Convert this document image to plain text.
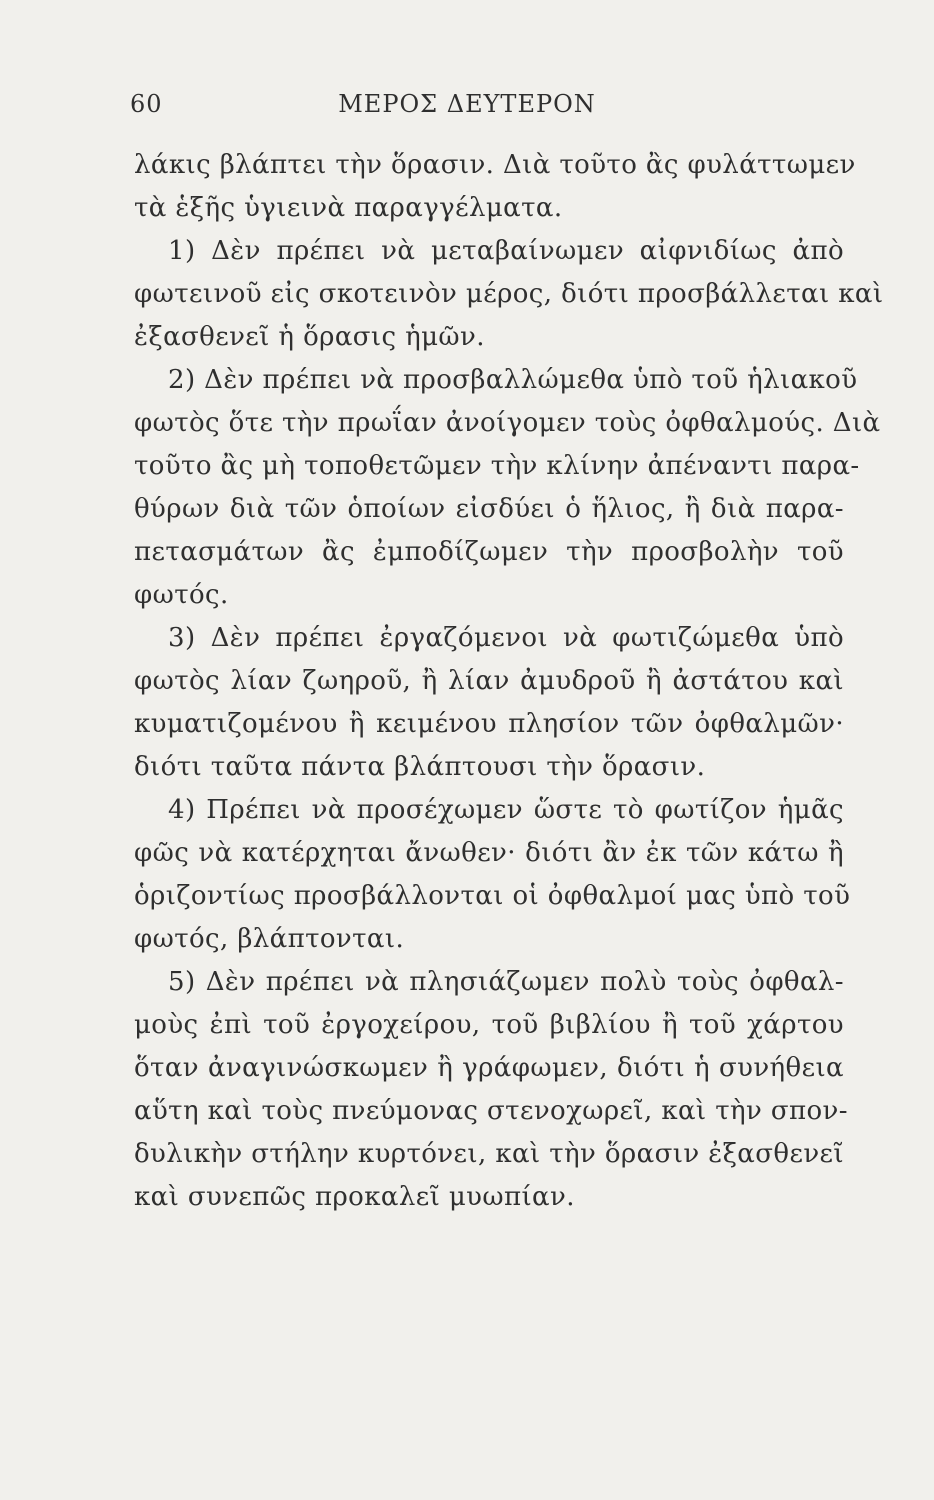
60	ΜΕΡΟΣ ΔΕΥΤΕΡΟΝ
λάκις βλάπτει τὴν ὅρασιν. Διὰ τοῦτο ἂς φυλάττωμεν
τὰ ἑξῆς ὑγιεινὰ παραγγέλματα.
1) Δὲν πρέπει νὰ μεταβαίνωμεν αἰφνιδίως ἀπὸ
φωτεινοῦ εἰς σκοτεινὸν μέρος, διότι προσβάλλεται καὶ
ἐξασθενεῖ ἡ ὅρασις ἡμῶν.
2) Δὲν πρέπει νὰ προσβαλλώμεθα ὑπὸ τοῦ ἡλιακοῦ
φωτὸς ὅτε τὴν πρωΐαν ἀνοίγομεν τοὺς ὀφθαλμούς. Διὰ
τοῦτο ἂς μὴ τοποθετῶμεν τὴν κλίνην ἀπέναντι παρα-
θύρων διὰ τῶν ὁποίων εἰσδύει ὁ ἥλιος, ἢ διὰ παρα-
πετασμάτων ἂς ἐμποδίζωμεν τὴν προσβολὴν τοῦ
φωτός.
3) Δὲν πρέπει ἐργαζόμενοι νὰ φωτιζώμεθα ὑπὸ
φωτὸς λίαν ζωηροῦ, ἢ λίαν ἀμυδροῦ ἢ ἀστάτου καὶ
κυματιζομένου ἢ κειμένου πλησίον τῶν ὀφθαλμῶν·
διότι ταῦτα πάντα βλάπτουσι τὴν ὅρασιν.
4) Πρέπει νὰ προσέχωμεν ὥστε τὸ φωτίζον ἡμᾶς
φῶς νὰ κατέρχηται ἄνωθεν· διότι ἂν ἐκ τῶν κάτω ἢ
ὁριζοντίως προσβάλλονται οἱ ὀφθαλμοί μας ὑπὸ τοῦ
φωτός, βλάπτονται.
5) Δὲν πρέπει νὰ πλησιάζωμεν πολὺ τοὺς ὀφθαλ-
μοὺς ἐπὶ τοῦ ἐργοχείρου, τοῦ βιβλίου ἢ τοῦ χάρτου
ὅταν ἀναγινώσκωμεν ἢ γράφωμεν, διότι ἡ συνήθεια
αὕτη καὶ τοὺς πνεύμονας στενοχωρεῖ, καὶ τὴν σπον-
δυλικὴν στήλην κυρτόνει, καὶ τὴν ὅρασιν ἐξασθενεῖ
καὶ συνεπῶς προκαλεῖ μυωπίαν.
